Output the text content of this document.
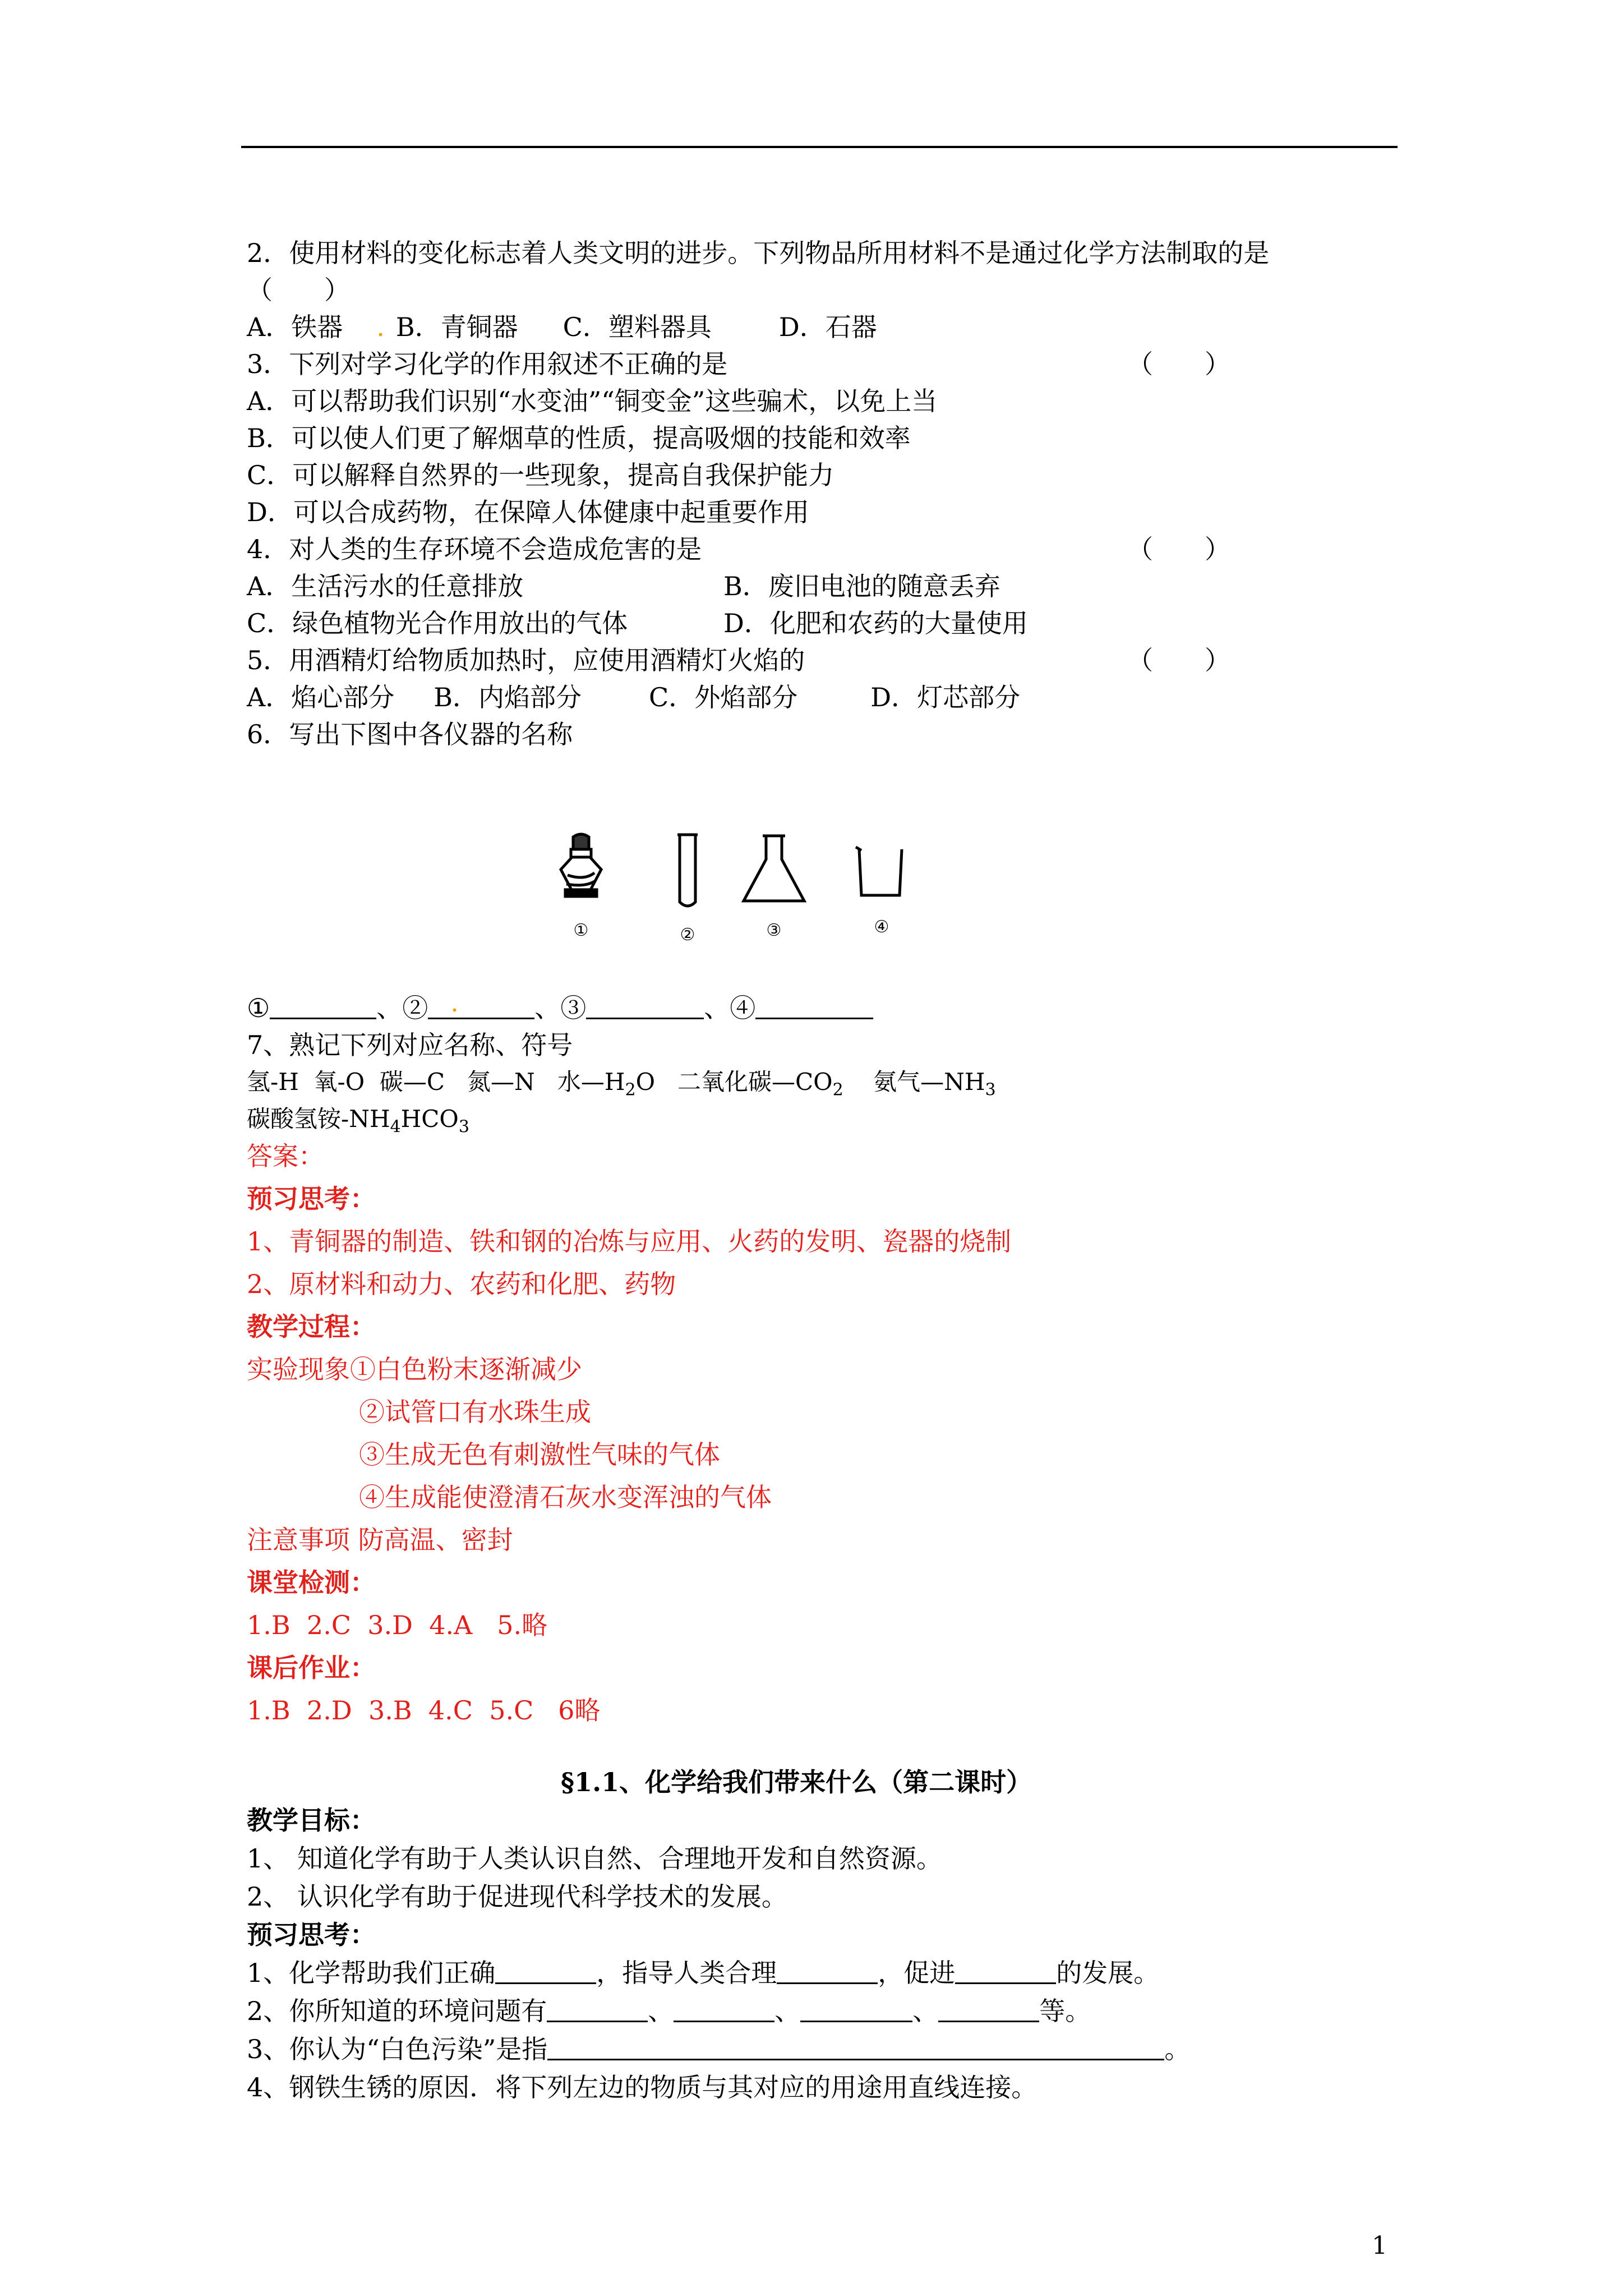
2．使用材料的变化标志着人类文明的进步。下列物品所用材料不是通过化学方法制取的是
（　　）
A．铁器 . B．青铜器 C．塑料器具	D．石器
3．下列对学习化学的作用叙述不正确的是	（　　）
A．可以帮助我们识别“水变油”“铜变金”这些骗术，以免上当
B．可以使人们更了解烟草的性质，提高吸烟的技能和效率
C．可以解释自然界的一些现象，提高自我保护能力
D．可以合成药物，在保障人体健康中起重要作用
4．对人类的生存环境不会造成危害的是	（　　）
A．生活污水的任意排放	B．废旧电池的随意丢弃
C．绿色植物光合作用放出的气体	D．化肥和农药的大量使用
5．用酒精灯给物质加热时，应使用酒精灯火焰的	（　　）
A．焰心部分 B．内焰部分	C．外焰部分	D．灯芯部分
6．写出下图中各仪器的名称
①	②	③	④
①	、② .	、③	、④
7、熟记下列对应名称、符号
氢-H  氧-O  碳—C   氮—N   水$—H_2O$   二氧化碳$—CO_2$    氨气$—NH_3$
碳酸氢铵$-NH_4HCO_3$
答案：
预习思考：
1、青铜器的制造、铁和钢的冶炼与应用、火药的发明、瓷器的烧制
2、原材料和动力、农药和化肥、药物
教学过程：
实验现象①白色粉末逐渐减少
②试管口有水珠生成
③生成无色有刺激性气味的气体
④生成能使澄清石灰水变浑浊的气体
注意事项 防高温、密封
课堂检测：
1.B  2.C  3.D  4.A   5.略
课后作业：
1.B  2.D  3.B  4.C  5.C   6略
§1.1、化学给我们带来什么（第二课时）
教学目标：
1、 知道化学有助于人类认识自然、合理地开发和自然资源。
2、 认识化学有助于促进现代科学技术的发展。
预习思考：
1、化学帮助我们正确	，指导人类合理	，促进	的发展。
2、你所知道的环境问题有	、	、	、	等。
3、你认为“白色污染”是指	。
4、钢铁生锈的原因．将下列左边的物质与其对应的用途用直线连接。
1
